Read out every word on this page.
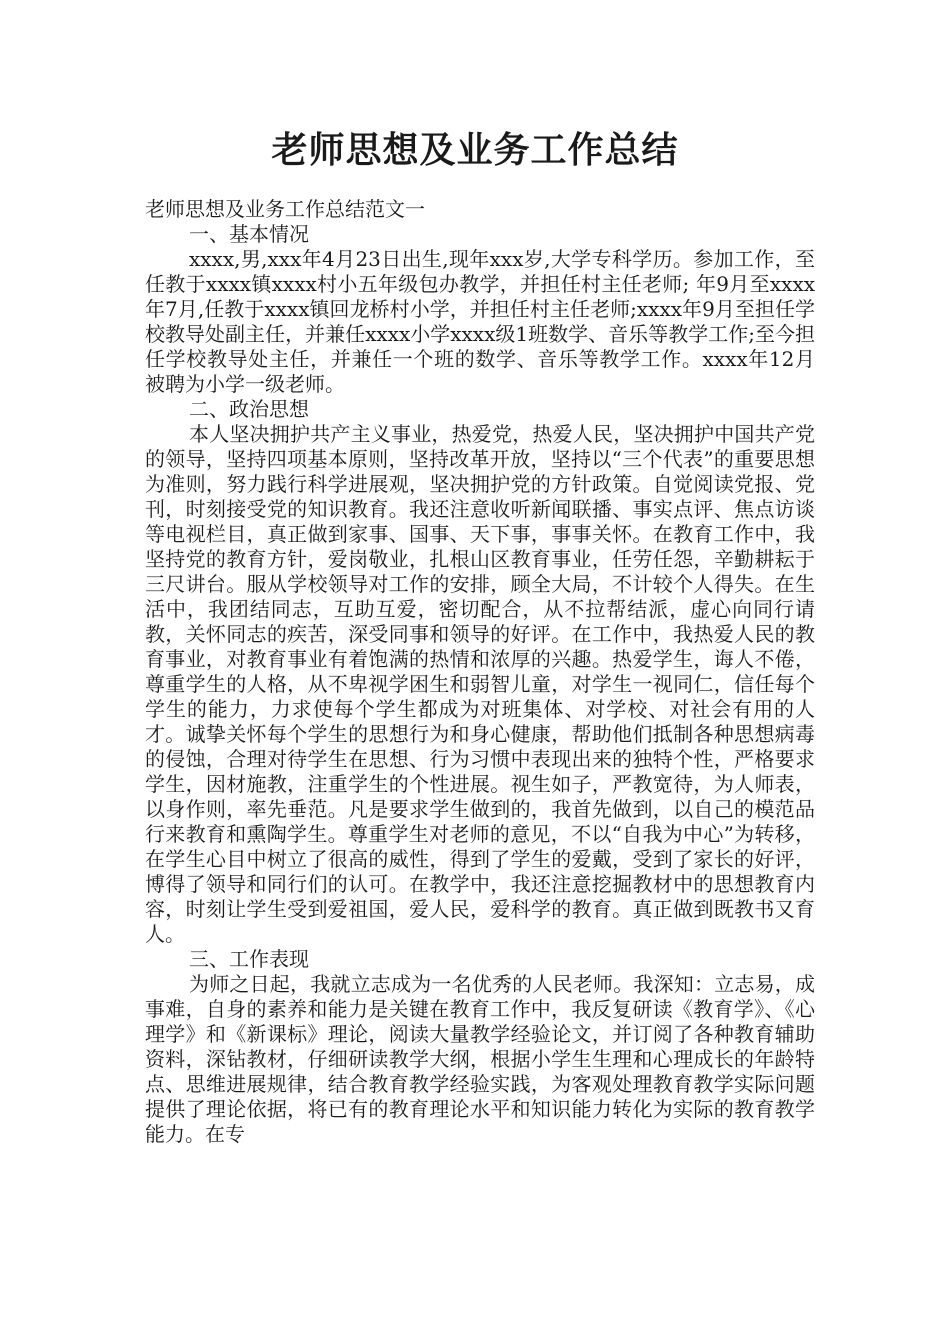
老师思想及业务工作总结

老师思想及业务工作总结范文一

一、基本情况

xxxx,男,xxx年4月23日出生,现年xxx岁,大学专科学历。参加工作，至任教于xxxx镇xxxx村小五年级包办教学，并担任村主任老师; 年9月至xxxx年7月,任教于xxxx镇回龙桥村小学，并担任村主任老师;xxxx年9月至担任学校教导处副主任，并兼任xxxx小学xxxx级1班数学、音乐等教学工作;至今担任学校教导处主任，并兼任一个班的数学、音乐等教学工作。xxxx年12月被聘为小学一级老师。

二、政治思想

本人坚决拥护共产主义事业，热爱党，热爱人民，坚决拥护中国共产党的领导，坚持四项基本原则，坚持改革开放，坚持以“三个代表”的重要思想为准则，努力践行科学进展观，坚决拥护党的方针政策。自觉阅读党报、党刊，时刻接受党的知识教育。我还注意收听新闻联播、事实点评、焦点访谈等电视栏目，真正做到家事、国事、天下事，事事关怀。在教育工作中，我坚持党的教育方针，爱岗敬业，扎根山区教育事业，任劳任怨，辛勤耕耘于三尺讲台。服从学校领导对工作的安排，顾全大局，不计较个人得失。在生活中，我团结同志，互助互爱，密切配合，从不拉帮结派，虚心向同行请教，关怀同志的疾苦，深受同事和领导的好评。在工作中，我热爱人民的教育事业，对教育事业有着饱满的热情和浓厚的兴趣。热爱学生，诲人不倦，尊重学生的人格，从不卑视学困生和弱智儿童，对学生一视同仁，信任每个学生的能力，力求使每个学生都成为对班集体、对学校、对社会有用的人才。诚挚关怀每个学生的思想行为和身心健康，帮助他们抵制各种思想病毒的侵蚀，合理对待学生在思想、行为习惯中表现出来的独特个性，严格要求学生，因材施教，注重学生的个性进展。视生如子，严教宽待，为人师表，以身作则，率先垂范。凡是要求学生做到的，我首先做到，以自己的模范品行来教育和熏陶学生。尊重学生对老师的意见，不以“自我为中心”为转移，在学生心目中树立了很高的威性，得到了学生的爱戴，受到了家长的好评，博得了领导和同行们的认可。在教学中，我还注意挖掘教材中的思想教育内容，时刻让学生受到爱祖国，爱人民，爱科学的教育。真正做到既教书又育人。

三、工作表现

为师之日起，我就立志成为一名优秀的人民老师。我深知：立志易，成事难，自身的素养和能力是关键在教育工作中，我反复研读《教育学》、《心理学》和《新课标》理论，阅读大量教学经验论文，并订阅了各种教育辅助资料，深钻教材，仔细研读教学大纲，根据小学生生理和心理成长的年龄特点、思维进展规律，结合教育教学经验实践，为客观处理教育教学实际问题提供了理论依据，将已有的教育理论水平和知识能力转化为实际的教育教学能力。在专
